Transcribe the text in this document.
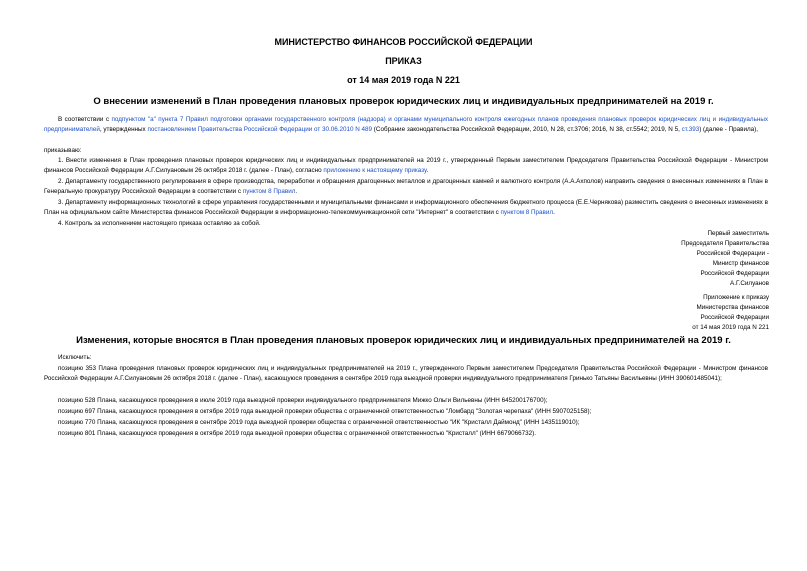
МИНИСТЕРСТВО ФИНАНСОВ РОССИЙСКОЙ ФЕДЕРАЦИИ
ПРИКАЗ
от 14 мая 2019 года N 221
О внесении изменений в План проведения плановых проверок юридических лиц и индивидуальных предпринимателей на 2019 г.
В соответствии с подпунктом "а" пункта 7 Правил подготовки органами государственного контроля (надзора) и органами муниципального контроля ежегодных планов проведения плановых проверок юридических лиц и индивидуальных предпринимателей, утвержденных постановлением Правительства Российской Федерации от 30.06.2010 N 489 (Собрание законодательства Российской Федерации, 2010, N 28, ст.3706; 2016, N 38, ст.5542; 2019, N 5, ст.393) (далее - Правила),
приказываю:
1. Внести изменения в План проведения плановых проверок юридических лиц и индивидуальных предпринимателей на 2019 г., утвержденный Первым заместителем Председателя Правительства Российской Федерации - Министром финансов Российской Федерации А.Г.Силуановым 26 октября 2018 г. (далее - План), согласно приложению к настоящему приказу.
2. Департаменту государственного регулирования в сфере производства, переработки и обращения драгоценных металлов и драгоценных камней и валютного контроля (А.А.Ахполов) направить сведения о внесенных изменениях в План в Генеральную прокуратуру Российской Федерации в соответствии с пунктом 8 Правил.
3. Департаменту информационных технологий в сфере управления государственными и муниципальными финансами и информационного обеспечения бюджетного процесса (Е.Е.Чернякова) разместить сведения о внесенных изменениях в План на официальном сайте Министерства финансов Российской Федерации в информационно-телекоммуникационной сети "Интернет" в соответствии с пунктом 8 Правил.
4. Контроль за исполнением настоящего приказа оставляю за собой.
Первый заместитель
Председателя Правительства
Российской Федерации -
Министр финансов
Российской Федерации
А.Г.Силуанов
Приложение к приказу
Министерства финансов
Российской Федерации
от 14 мая 2019 года N 221
Изменения, которые вносятся в План проведения плановых проверок юридических лиц и индивидуальных предпринимателей на 2019 г.
Исключить:
позицию 353 Плана проведения плановых проверок юридических лиц и индивидуальных предпринимателей на 2019 г., утвержденного Первым заместителем Председателя Правительства Российской Федерации - Министром финансов Российской Федерации А.Г.Силуановым 26 октября 2018 г. (далее - План), касающуюся проведения в сентябре 2019 года выездной проверки индивидуального предпринимателя Гринько Татьяны Васильевны (ИНН 390601485041);
позицию 528 Плана, касающуюся проведения в июле 2019 года выездной проверки индивидуального предпринимателя Мижко Ольги Вильевны (ИНН 645200176700);
позицию 697 Плана, касающуюся проведения в октябре 2019 года выездной проверки общества с ограниченной ответственностью "Ломбард "Золотая черепаха" (ИНН 5907025158);
позицию 770 Плана, касающуюся проведения в сентябре 2019 года выездной проверки общества с ограниченной ответственностью "ИК "Кристалл Даймонд" (ИНН 1435119010);
позицию 801 Плана, касающуюся проведения в октябре 2019 года выездной проверки общества с ограниченной ответственностью "Кристалл" (ИНН 6679066732).
